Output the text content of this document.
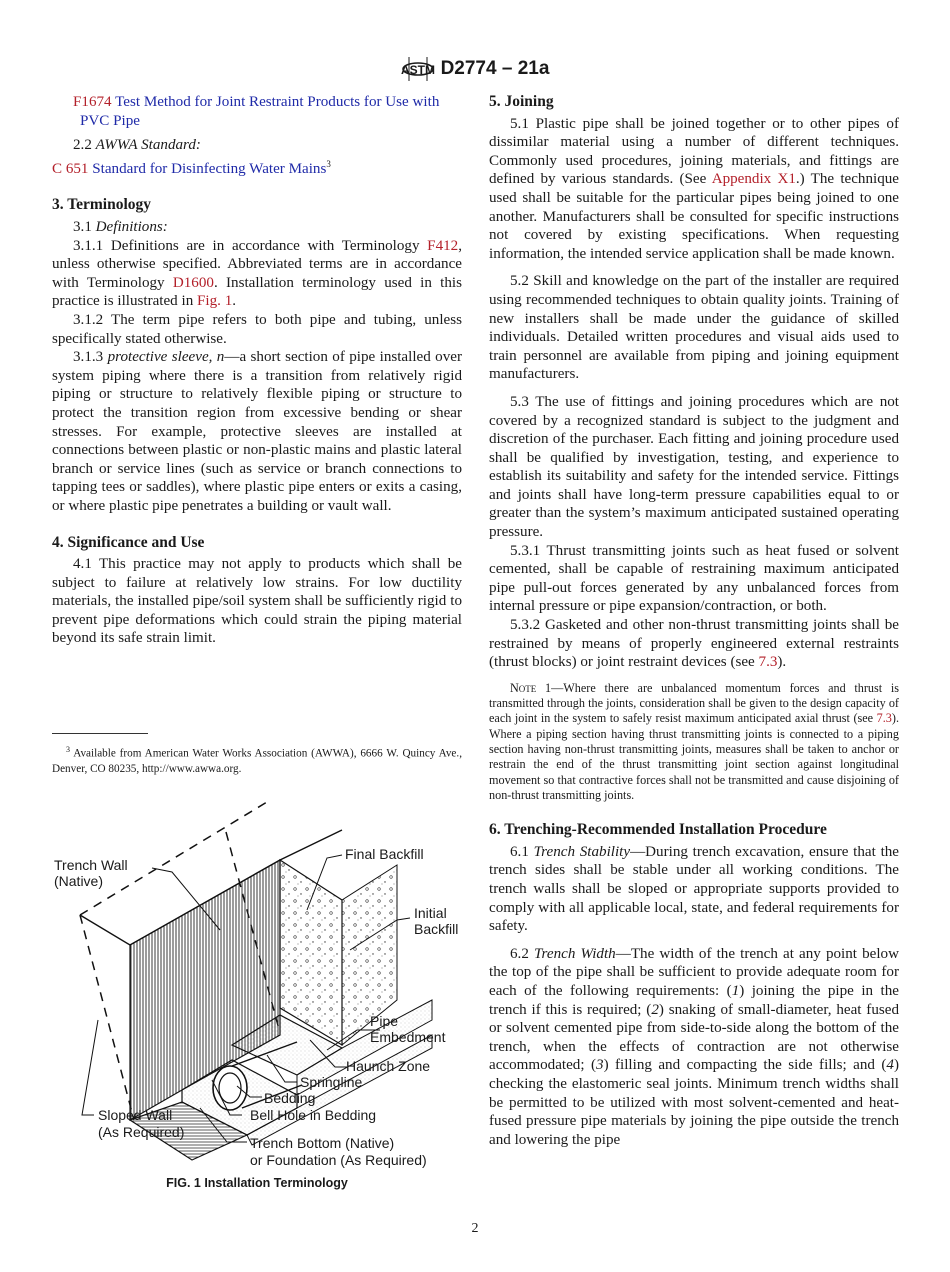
ASTM D2774 – 21a

F1674 Test Method for Joint Restraint Products for Use with PVC Pipe

2.2 AWWA Standard:

C 651 Standard for Disinfecting Water Mains$^3$

3. Terminology

3.1 Definitions:

3.1.1 Definitions are in accordance with Terminology F412, unless otherwise specified. Abbreviated terms are in accordance with Terminology D1600. Installation terminology used in this practice is illustrated in Fig. 1.

3.1.2 The term pipe refers to both pipe and tubing, unless specifically stated otherwise.

3.1.3 protective sleeve, n—a short section of pipe installed over system piping where there is a transition from relatively rigid piping or structure to relatively flexible piping or structure to protect the transition region from excessive bending or shear stresses. For example, protective sleeves are installed at connections between plastic or non-plastic mains and plastic lateral branch or service lines (such as service or branch connections to tapping tees or saddles), where plastic pipe enters or exits a casing, or where plastic pipe penetrates a building or vault wall.

4. Significance and Use

4.1 This practice may not apply to products which shall be subject to failure at relatively low strains. For low ductility materials, the installed pipe/soil system shall be sufficiently rigid to prevent pipe deformations which could strain the piping material beyond its safe strain limit.

$^3$ Available from American Water Works Association (AWWA), 6666 W. Quincy Ave., Denver, CO 80235, http://www.awwa.org.

Trench Wall
(Native)
Final Backfill
Initial
Backfill
Pipe
Embedment
Haunch Zone
Springline
Bedding
Bell Hole in Bedding
Sloped Wall
(As Required)
Trench Bottom (Native)
or Foundation (As Required)
FIG. 1 Installation Terminology

5. Joining

5.1 Plastic pipe shall be joined together or to other pipes of dissimilar material using a number of different techniques. Commonly used procedures, joining materials, and fittings are defined by various standards. (See Appendix X1.) The technique used shall be suitable for the particular pipes being joined to one another. Manufacturers shall be consulted for specific instructions not covered by existing specifications. When requesting information, the intended service application shall be made known.

5.2 Skill and knowledge on the part of the installer are required using recommended techniques to obtain quality joints. Training of new installers shall be made under the guidance of skilled individuals. Detailed written procedures and visual aids used to train personnel are available from piping and joining equipment manufacturers.

5.3 The use of fittings and joining procedures which are not covered by a recognized standard is subject to the judgment and discretion of the purchaser. Each fitting and joining procedure used shall be qualified by investigation, testing, and experience to establish its suitability and safety for the intended service. Fittings and joints shall have long-term pressure capabilities equal to or greater than the system’s maximum anticipated sustained operating pressure.

5.3.1 Thrust transmitting joints such as heat fused or solvent cemented, shall be capable of restraining maximum anticipated pipe pull-out forces generated by any unbalanced forces from internal pressure or pipe expansion/contraction, or both.

5.3.2 Gasketed and other non-thrust transmitting joints shall be restrained by means of properly engineered external restraints (thrust blocks) or joint restraint devices (see 7.3).

Note 1—Where there are unbalanced momentum forces and thrust is transmitted through the joints, consideration shall be given to the design capacity of each joint in the system to safely resist maximum anticipated axial thrust (see 7.3). Where a piping section having thrust transmitting joints is connected to a piping section having non-thrust transmitting joints, measures shall be taken to anchor or restrain the end of the thrust transmitting joint section against longitudinal movement so that contractive forces shall not be transmitted and cause disjoining of non-thrust transmitting joints.

6. Trenching-Recommended Installation Procedure

6.1 Trench Stability—During trench excavation, ensure that the trench sides shall be stable under all working conditions. The trench walls shall be sloped or appropriate supports provided to comply with all applicable local, state, and federal requirements for safety.

6.2 Trench Width—The width of the trench at any point below the top of the pipe shall be sufficient to provide adequate room for each of the following requirements: (1) joining the pipe in the trench if this is required; (2) snaking of small-diameter, heat fused or solvent cemented pipe from side-to-side along the bottom of the trench, when the effects of contraction are not otherwise accommodated; (3) filling and compacting the side fills; and (4) checking the elastomeric seal joints. Minimum trench widths shall be permitted to be utilized with most solvent-cemented and heat-fused pressure pipe materials by joining the pipe outside the trench and lowering the pipe

2
